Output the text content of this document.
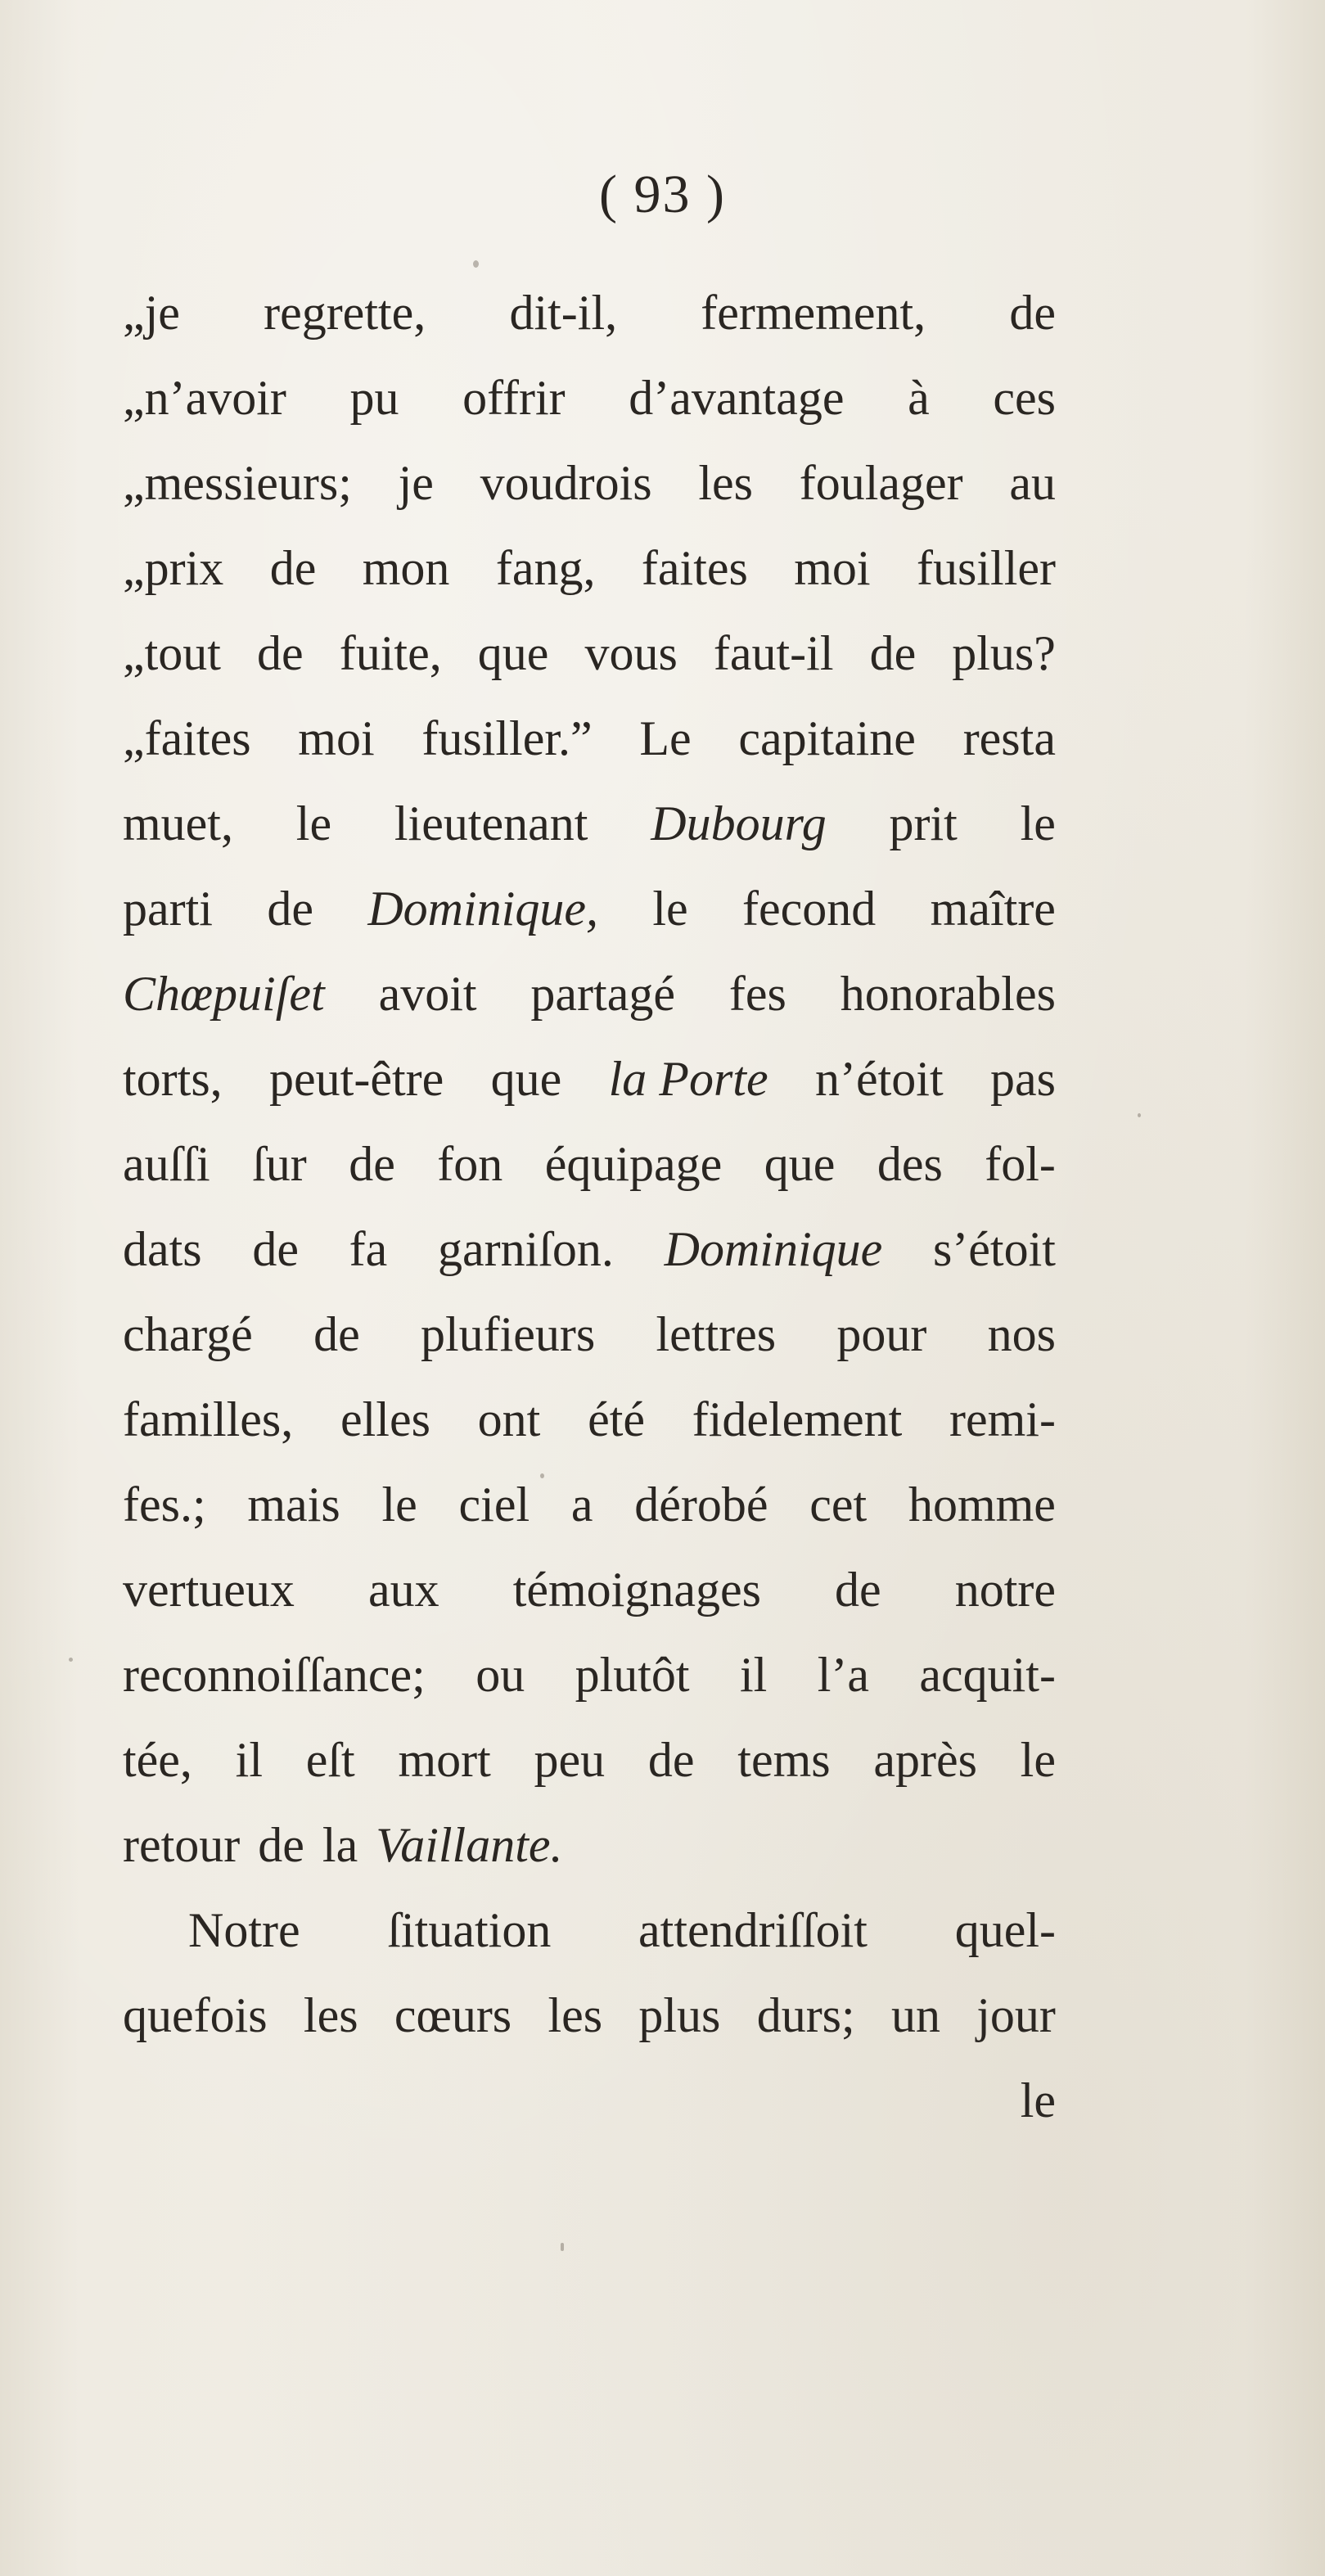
( 93 )
„je regrette, dit-il, fermement, de
„n’avoir pu offrir d’avantage à ces
„messieurs; je voudrois les foulager au
„prix de mon fang, faites moi fusiller
„tout de fuite, que vous faut-il de plus?
„faites moi fusiller.” Le capitaine resta
muet, le lieutenant Dubourg prit le
parti de Dominique, le fecond maître
Chœpuiſet avoit partagé fes honorables
torts, peut-être que la Porte n’étoit pas
auſſi ſur de fon équipage que des fol-
dats de fa garniſon. Dominique s’étoit
chargé de plufieurs lettres pour nos
familles, elles ont été fidelement remi-
fes.; mais le ciel a dérobé cet homme
vertueux aux témoignages de notre
reconnoiſſance; ou plutôt il l’a acquit-
tée, il eſt mort peu de tems après le
retour de la Vaillante.
Notre ſituation attendriſſoit quel-
quefois les cœurs les plus durs; un jour
le
